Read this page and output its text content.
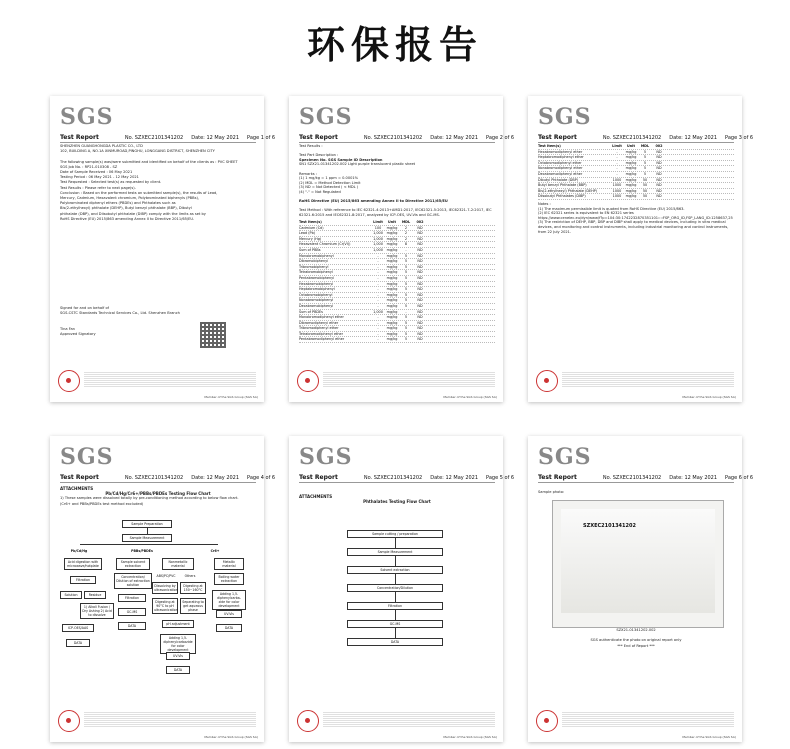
环保报告
SGS
Test Report	No. SZXEC2101341202 Date: 12 May 2021 Page 1 of 6
SHENZHEN GUANGHONGDA PLASTIC CO., LTD
102, BUILDING A, NO.1A XINMUROAD,PINGHU, LONGGANG DISTRICT, SHENZHEN CITY

The following sample(s) was/were submitted and identified on behalf of the clients as : PVC SHEET
SGS Job No. : RP21-010308 - SZ
Date of Sample Received : 06 May 2021
Testing Period : 06 May 2021 - 12 May 2021
Test Requested : Selected test(s) as requested by client.
Test Results : Please refer to next page(s).
Conclusion : Based on the performed tests on submitted sample(s), the results of Lead,
Mercury, Cadmium, Hexavalent chromium, Polybrominated biphenyls (PBBs),
Polybrominated diphenyl ethers (PBDEs) and Phthalates such as
Bis(2-ethylhexyl) phthalate (DEHP), Butyl benzyl phthalate (BBP), Dibutyl
phthalate (DBP), and Diisobutyl phthalate (DIBP) comply with the limits as set by
RoHS Directive (EU) 2015/863 amending Annex II to Directive 2011/65/EU.
Signed for and on behalf of
SGS-CSTC Standards Technical Services Co., Ltd. Shenzhen Branch

Tina Fan
Approved Signatory
Member of the SGS Group (SGS SA)
SGS
Test Report	No. SZXEC2101341202 Date: 12 May 2021 Page 2 of 6
Test Results :

Test Part Description :
Specimen No. SGS Sample ID Description
SN1 SZX21-01341202.002 Light purple translucent plastic sheet

Remarks :
(1) 1 mg/kg = 1 ppm = 0.0001%
(2) MDL = Method Detection Limit
(3) ND = Not Detected ( < MDL )
(4) "-" = Not Regulated

RoHS Directive (EU) 2015/863 amending Annex II to Directive 2011/65/EU

Test Method : With reference to IEC 62321-4:2013+AMD1:2017, IEC62321-5:2013, IEC62321-7-2:2017, IEC
62321-6:2015 and IEC62321-8:2017, analyzed by ICP-OES, UV-Vis and GC-MS.
Test Item(s)	Limit	Unit	MDL	002
Cadmium (Cd)	100	mg/kg	2	ND
Lead (Pb)	1,000	mg/kg	2	ND
Mercury (Hg)	1,000	mg/kg	2	ND
Hexavalent Chromium (Cr(VI))	1,000	mg/kg	8	ND
Sum of PBBs	1,000	mg/kg	-	ND
Monobromobiphenyl	-	mg/kg	5	ND
Dibromobiphenyl	-	mg/kg	5	ND
Tribromobiphenyl	-	mg/kg	5	ND
Tetrabromobiphenyl	-	mg/kg	5	ND
Pentabromobiphenyl	-	mg/kg	5	ND
Hexabromobiphenyl	-	mg/kg	5	ND
Heptabromobiphenyl	-	mg/kg	5	ND
Octabromobiphenyl	-	mg/kg	5	ND
Nonabromobiphenyl	-	mg/kg	5	ND
Decabromobiphenyl	-	mg/kg	5	ND
Sum of PBDEs	1,000	mg/kg	-	ND
Monobromodiphenyl ether	-	mg/kg	5	ND
Dibromodiphenyl ether	-	mg/kg	5	ND
Tribromodiphenyl ether	-	mg/kg	5	ND
Tetrabromodiphenyl ether	-	mg/kg	5	ND
Pentabromodiphenyl ether	-	mg/kg	5	ND
Member of the SGS Group (SGS SA)
SGS
Test Report	No. SZXEC2101341202 Date: 12 May 2021 Page 3 of 6
Test Item(s)	Limit	Unit	MDL	002
Hexabromodiphenyl ether	-	mg/kg	5	ND
Heptabromodiphenyl ether	-	mg/kg	5	ND
Octabromodiphenyl ether	-	mg/kg	5	ND
Nonabromodiphenyl ether	-	mg/kg	5	ND
Decabromodiphenyl ether	-	mg/kg	5	ND
Dibutyl Phthalate (DBP)	1000	mg/kg	50	ND
Butyl benzyl Phthalate (BBP)	1000	mg/kg	50	ND
Bis(2-ethylhexyl) Phthalate (DEHP)	1000	mg/kg	50	ND
Diisobutyl Phthalates (DIBP)	1000	mg/kg	50	ND
Notes :
(1) The maximum permissible limit is quoted from RoHS Directive (EU) 2015/863.
(2) IEC 62321 series is equivalent to EN 62321 series
https://www.cenelec.eu/dyn/www/f?p=104:30:1742232870351101::::FSP_ORG_ID,FSP_LANG_ID:1258637,25
(3) The restriction of DEHP, BBP, DBP and DIBP shall apply to medical devices, including in vitro medical
devices, and monitoring and control instruments, including industrial monitoring and control instruments,
from 22 July 2021.
Member of the SGS Group (SGS SA)
SGS
Test Report	No. SZXEC2101341202 Date: 12 May 2021 Page 4 of 6
ATTACHMENTS
Pb/Cd/Hg/Cr6+/PBBs/PBDEs Testing Flow Chart
1) These samples were dissolved totally by pre-conditioning method according to below flow chart.
(Cr6+ and PBBs/PBDEs test method excluded)
Sample Preparation
Sample Measurement
Pb/Cd/Hg	PBBs/PBDEs	Cr6+
Acid digestion with microwave/hotplate
Filtration
Solution	Residue
1) Alkali Fusion / Dry Ashing 2) Acid to dissolve
ICP-OES/AAS
DATA
Sample solvent extraction
Concentration/ Dilution of extraction solution
Filtration
GC-MS
DATA
Nonmetallic material
ABS/PC/PVC	Others
Dissolving by ultrasonication
Digesting at 150~160°C
Digesting at 90°C to pH ultrasonication
Separating to get aqueous phase
pH adjustment
Adding 1,5-diphenylcarbazide for color development
UV-Vis
DATA
Metallic material
Boiling water extraction
Adding 1,5-diphenylcarba-zide for color development
UV-Vis
DATA
Member of the SGS Group (SGS SA)
SGS
Test Report	No. SZXEC2101341202 Date: 12 May 2021 Page 5 of 6
ATTACHMENTS
Phthalates Testing Flow Chart
Sample cutting / preparation
Sample Measurement
Solvent extraction
Concentration/Dilution
Filtration
GC-MS
DATA
Member of the SGS Group (SGS SA)
SGS
Test Report	No. SZXEC2101341202 Date: 12 May 2021 Page 6 of 6
Sample photo:
SZXEC2101341202
SZX21-01341202.002

SGS authenticate the photo on original report only
*** End of Report ***
Member of the SGS Group (SGS SA)
